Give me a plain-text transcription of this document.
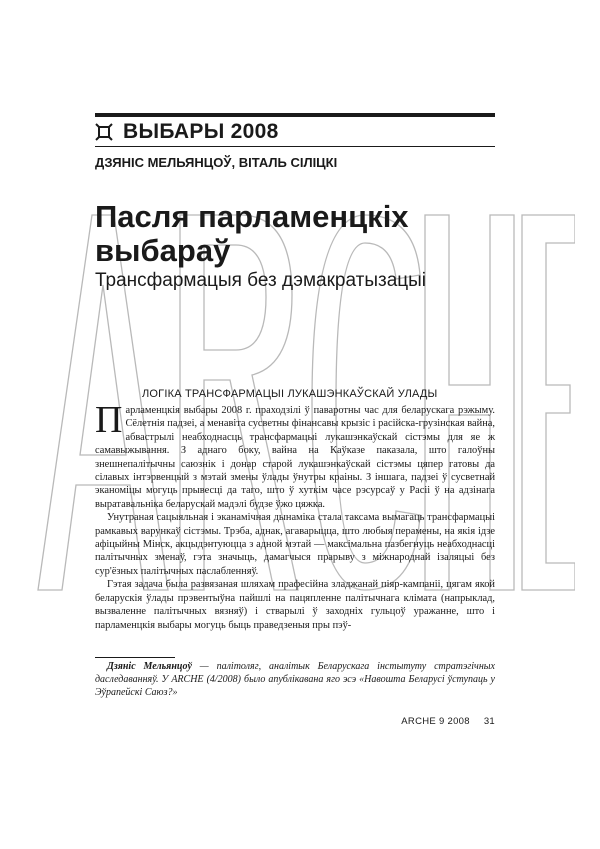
ВЫБАРЫ 2008
ДЗЯНІС МЕЛЬЯНЦОЎ, ВІТАЛЬ СІЛІЦКІ
Пасля парламенцкіх выбараў
Трансфармацыя без дэмакратызацыі
ЛОГІКА ТРАНСФАРМАЦЫІ ЛУКАШЭНКАЎСКАЙ УЛАДЫ

Парламенцкія выбары 2008 г. праходзілі ў паваротны час для беларускага рэжыму. Сёлетнія падзеі, а менавіта сусветны фінансавы крызіс і расійска-грузінская вайна, абвастрылі неабходнасць трансфармацыі лукашэнкаўскай сістэмы для яе ж самавыжывання. З аднаго боку, вайна на Каўказе паказала, што галоўны знешнепалітычны саюзнік і донар старой лукашэнкаўскай сістэмы цяпер гатовы да сілавых інтэрвенцый з мэтай змены ўлады ўнутры краіны. З іншага, падзеі ў сусветнай эканоміцы могуць прывесці да таго, што ў хуткім часе рэсурсаў у Расіі ў на адзінага выратавальніка беларускай мадэлі будзе ўжо цяжка.

Унутраная сацыяльная і эканамічная дынаміка стала таксама вымагаць трансфармацыі рамкавых варункаў сістэмы. Трэба, аднак, агаварыцца, што любыя перамены, на якія ідзе афіцыйны Мінск, акцыдэнтуюцца з адной мэтай — максімальна пазбегнуць неабходнасці палітычных зменаў, гэта значыць, дамагчыся прарыву з міжнароднай ізаляцыі без сур'ёзных палітычных паслабленняў.

Гэтая задача была развязаная шляхам прафесійна зладжанай піяр-кампаніі, цягам якой беларускія ўлады прэвентыўна пайшлі на пацяпленне палітычнага клімата (напрыклад, вызваленне палітычных вязняў) і стварылі ў заходніх гульцоў уражанне, што і парламенцкія выбары могуць быць праведзеныя пры пэў-

Дзяніс Мельянцоў — палітоляг, аналітык Беларускага інстытуту стратэгічных даследаванняў. У ARCHE (4/2008) было апублікавана яго эсэ «Навошта Беларусі ўступаць у Эўрапейскі Саюз?»
ARCHE 9 2008 31
